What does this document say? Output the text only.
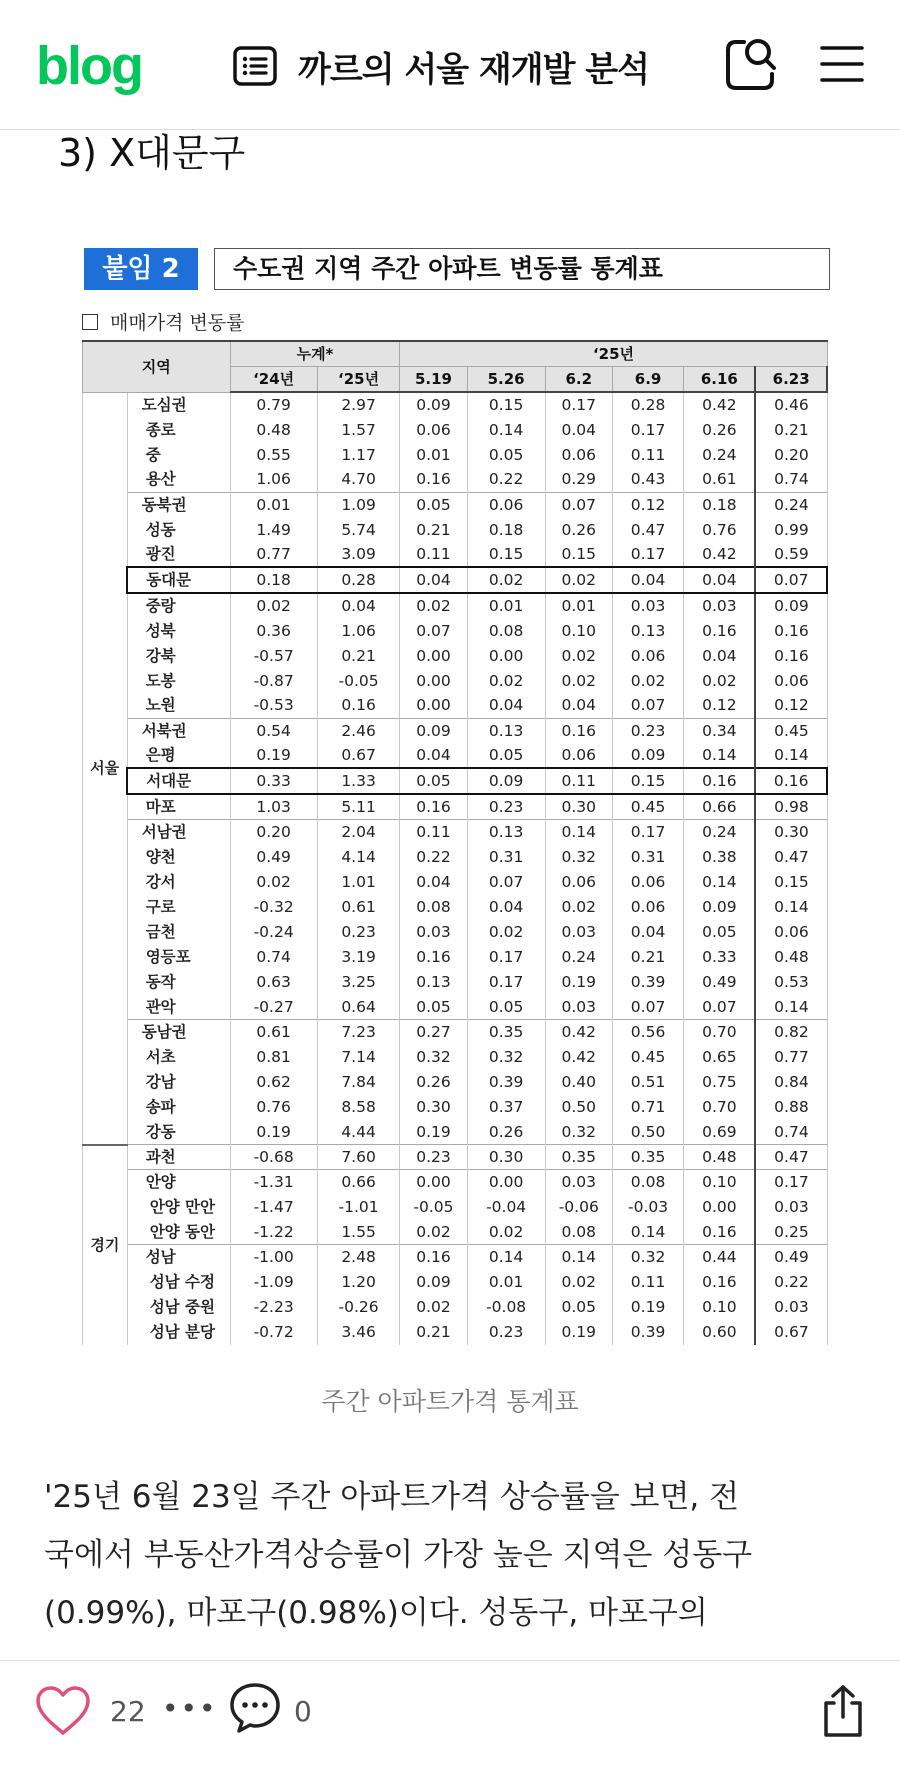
blog	까르의 서울 재개발 분석
3) X대문구
붙임 2	수도권 지역 주간 아파트 변동률 통계표
매매가격 변동률
지역		누계*		‘25년					
		‘24년	‘25년	5.19	5.26	6.2	6.9	6.16	6.23
서울	도심권	0.79	2.97	0.09	0.15	0.17	0.28	0.42	0.46
	종로	0.48	1.57	0.06	0.14	0.04	0.17	0.26	0.21
	중	0.55	1.17	0.01	0.05	0.06	0.11	0.24	0.20
	용산	1.06	4.70	0.16	0.22	0.29	0.43	0.61	0.74
	동북권	0.01	1.09	0.05	0.06	0.07	0.12	0.18	0.24
	성동	1.49	5.74	0.21	0.18	0.26	0.47	0.76	0.99
	광진	0.77	3.09	0.11	0.15	0.15	0.17	0.42	0.59
	동대문	0.18	0.28	0.04	0.02	0.02	0.04	0.04	0.07
	중랑	0.02	0.04	0.02	0.01	0.01	0.03	0.03	0.09
	성북	0.36	1.06	0.07	0.08	0.10	0.13	0.16	0.16
	강북	-0.57	0.21	0.00	0.00	0.02	0.06	0.04	0.16
	도봉	-0.87	-0.05	0.00	0.02	0.02	0.02	0.02	0.06
	노원	-0.53	0.16	0.00	0.04	0.04	0.07	0.12	0.12
	서북권	0.54	2.46	0.09	0.13	0.16	0.23	0.34	0.45
	은평	0.19	0.67	0.04	0.05	0.06	0.09	0.14	0.14
	서대문	0.33	1.33	0.05	0.09	0.11	0.15	0.16	0.16
	마포	1.03	5.11	0.16	0.23	0.30	0.45	0.66	0.98
	서남권	0.20	2.04	0.11	0.13	0.14	0.17	0.24	0.30
	양천	0.49	4.14	0.22	0.31	0.32	0.31	0.38	0.47
	강서	0.02	1.01	0.04	0.07	0.06	0.06	0.14	0.15
	구로	-0.32	0.61	0.08	0.04	0.02	0.06	0.09	0.14
	금천	-0.24	0.23	0.03	0.02	0.03	0.04	0.05	0.06
	영등포	0.74	3.19	0.16	0.17	0.24	0.21	0.33	0.48
	동작	0.63	3.25	0.13	0.17	0.19	0.39	0.49	0.53
	관악	-0.27	0.64	0.05	0.05	0.03	0.07	0.07	0.14
	동남권	0.61	7.23	0.27	0.35	0.42	0.56	0.70	0.82
	서초	0.81	7.14	0.32	0.32	0.42	0.45	0.65	0.77
	강남	0.62	7.84	0.26	0.39	0.40	0.51	0.75	0.84
	송파	0.76	8.58	0.30	0.37	0.50	0.71	0.70	0.88
	강동	0.19	4.44	0.19	0.26	0.32	0.50	0.69	0.74
경기	과천	-0.68	7.60	0.23	0.30	0.35	0.35	0.48	0.47
	안양	-1.31	0.66	0.00	0.00	0.03	0.08	0.10	0.17
	안양 만안	-1.47	-1.01	-0.05	-0.04	-0.06	-0.03	0.00	0.03
	안양 동안	-1.22	1.55	0.02	0.02	0.08	0.14	0.16	0.25
	성남	-1.00	2.48	0.16	0.14	0.14	0.32	0.44	0.49
	성남 수정	-1.09	1.20	0.09	0.01	0.02	0.11	0.16	0.22
	성남 중원	-2.23	-0.26	0.02	-0.08	0.05	0.19	0.10	0.03
	성남 분당	-0.72	3.46	0.21	0.23	0.19	0.39	0.60	0.67
주간 아파트가격 통계표
'25년 6월 23일 주간 아파트가격 상승률을 보면, 전
국에서 부동산가격상승률이 가장 높은 지역은 성동구
(0.99%), 마포구(0.98%)이다. 성동구, 마포구의
22 •••	0
